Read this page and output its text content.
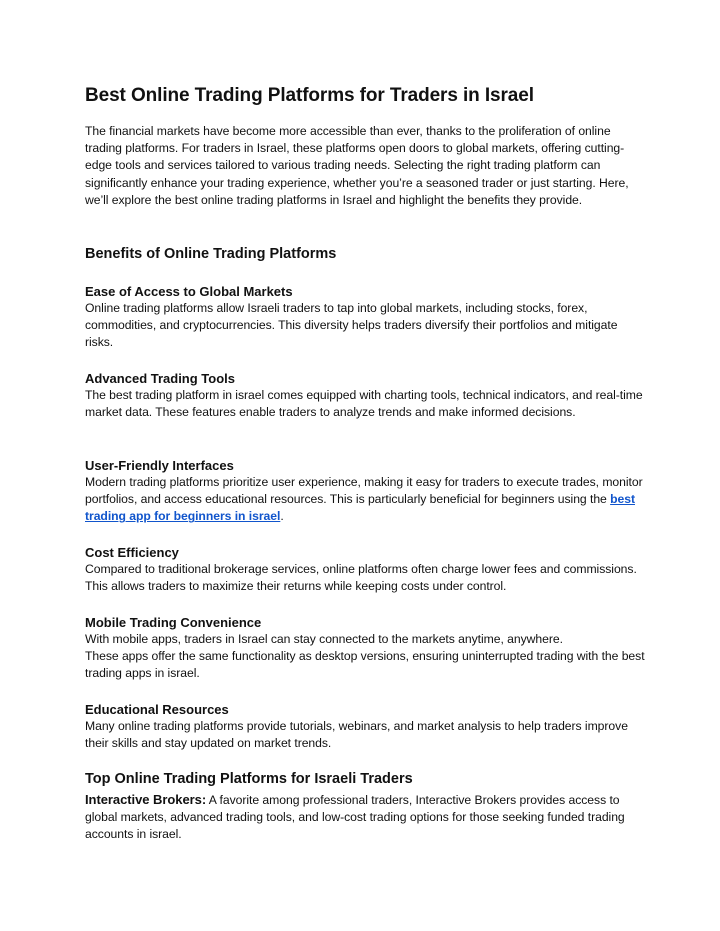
Best Online Trading Platforms for Traders in Israel

The financial markets have become more accessible than ever, thanks to the proliferation of online trading platforms. For traders in Israel, these platforms open doors to global markets, offering cutting-edge tools and services tailored to various trading needs. Selecting the right trading platform can significantly enhance your trading experience, whether you’re a seasoned trader or just starting. Here, we’ll explore the best online trading platforms in Israel and highlight the benefits they provide.

Benefits of Online Trading Platforms
Ease of Access to Global Markets

Online trading platforms allow Israeli traders to tap into global markets, including stocks, forex, commodities, and cryptocurrencies. This diversity helps traders diversify their portfolios and mitigate risks.

Advanced Trading Tools

The best trading platform in israel comes equipped with charting tools, technical indicators, and real-time market data. These features enable traders to analyze trends and make informed decisions.

User-Friendly Interfaces

Modern trading platforms prioritize user experience, making it easy for traders to execute trades, monitor portfolios, and access educational resources. This is particularly beneficial for beginners using the best trading app for beginners in israel.

Cost Efficiency

Compared to traditional brokerage services, online platforms often charge lower fees and commissions. This allows traders to maximize their returns while keeping costs under control.

Mobile Trading Convenience

With mobile apps, traders in Israel can stay connected to the markets anytime, anywhere.

These apps offer the same functionality as desktop versions, ensuring uninterrupted trading with the best trading apps in israel.

Educational Resources

Many online trading platforms provide tutorials, webinars, and market analysis to help traders improve their skills and stay updated on market trends.

Top Online Trading Platforms for Israeli Traders

Interactive Brokers: A favorite among professional traders, Interactive Brokers provides access to global markets, advanced trading tools, and low-cost trading options for those seeking funded trading accounts in israel.
